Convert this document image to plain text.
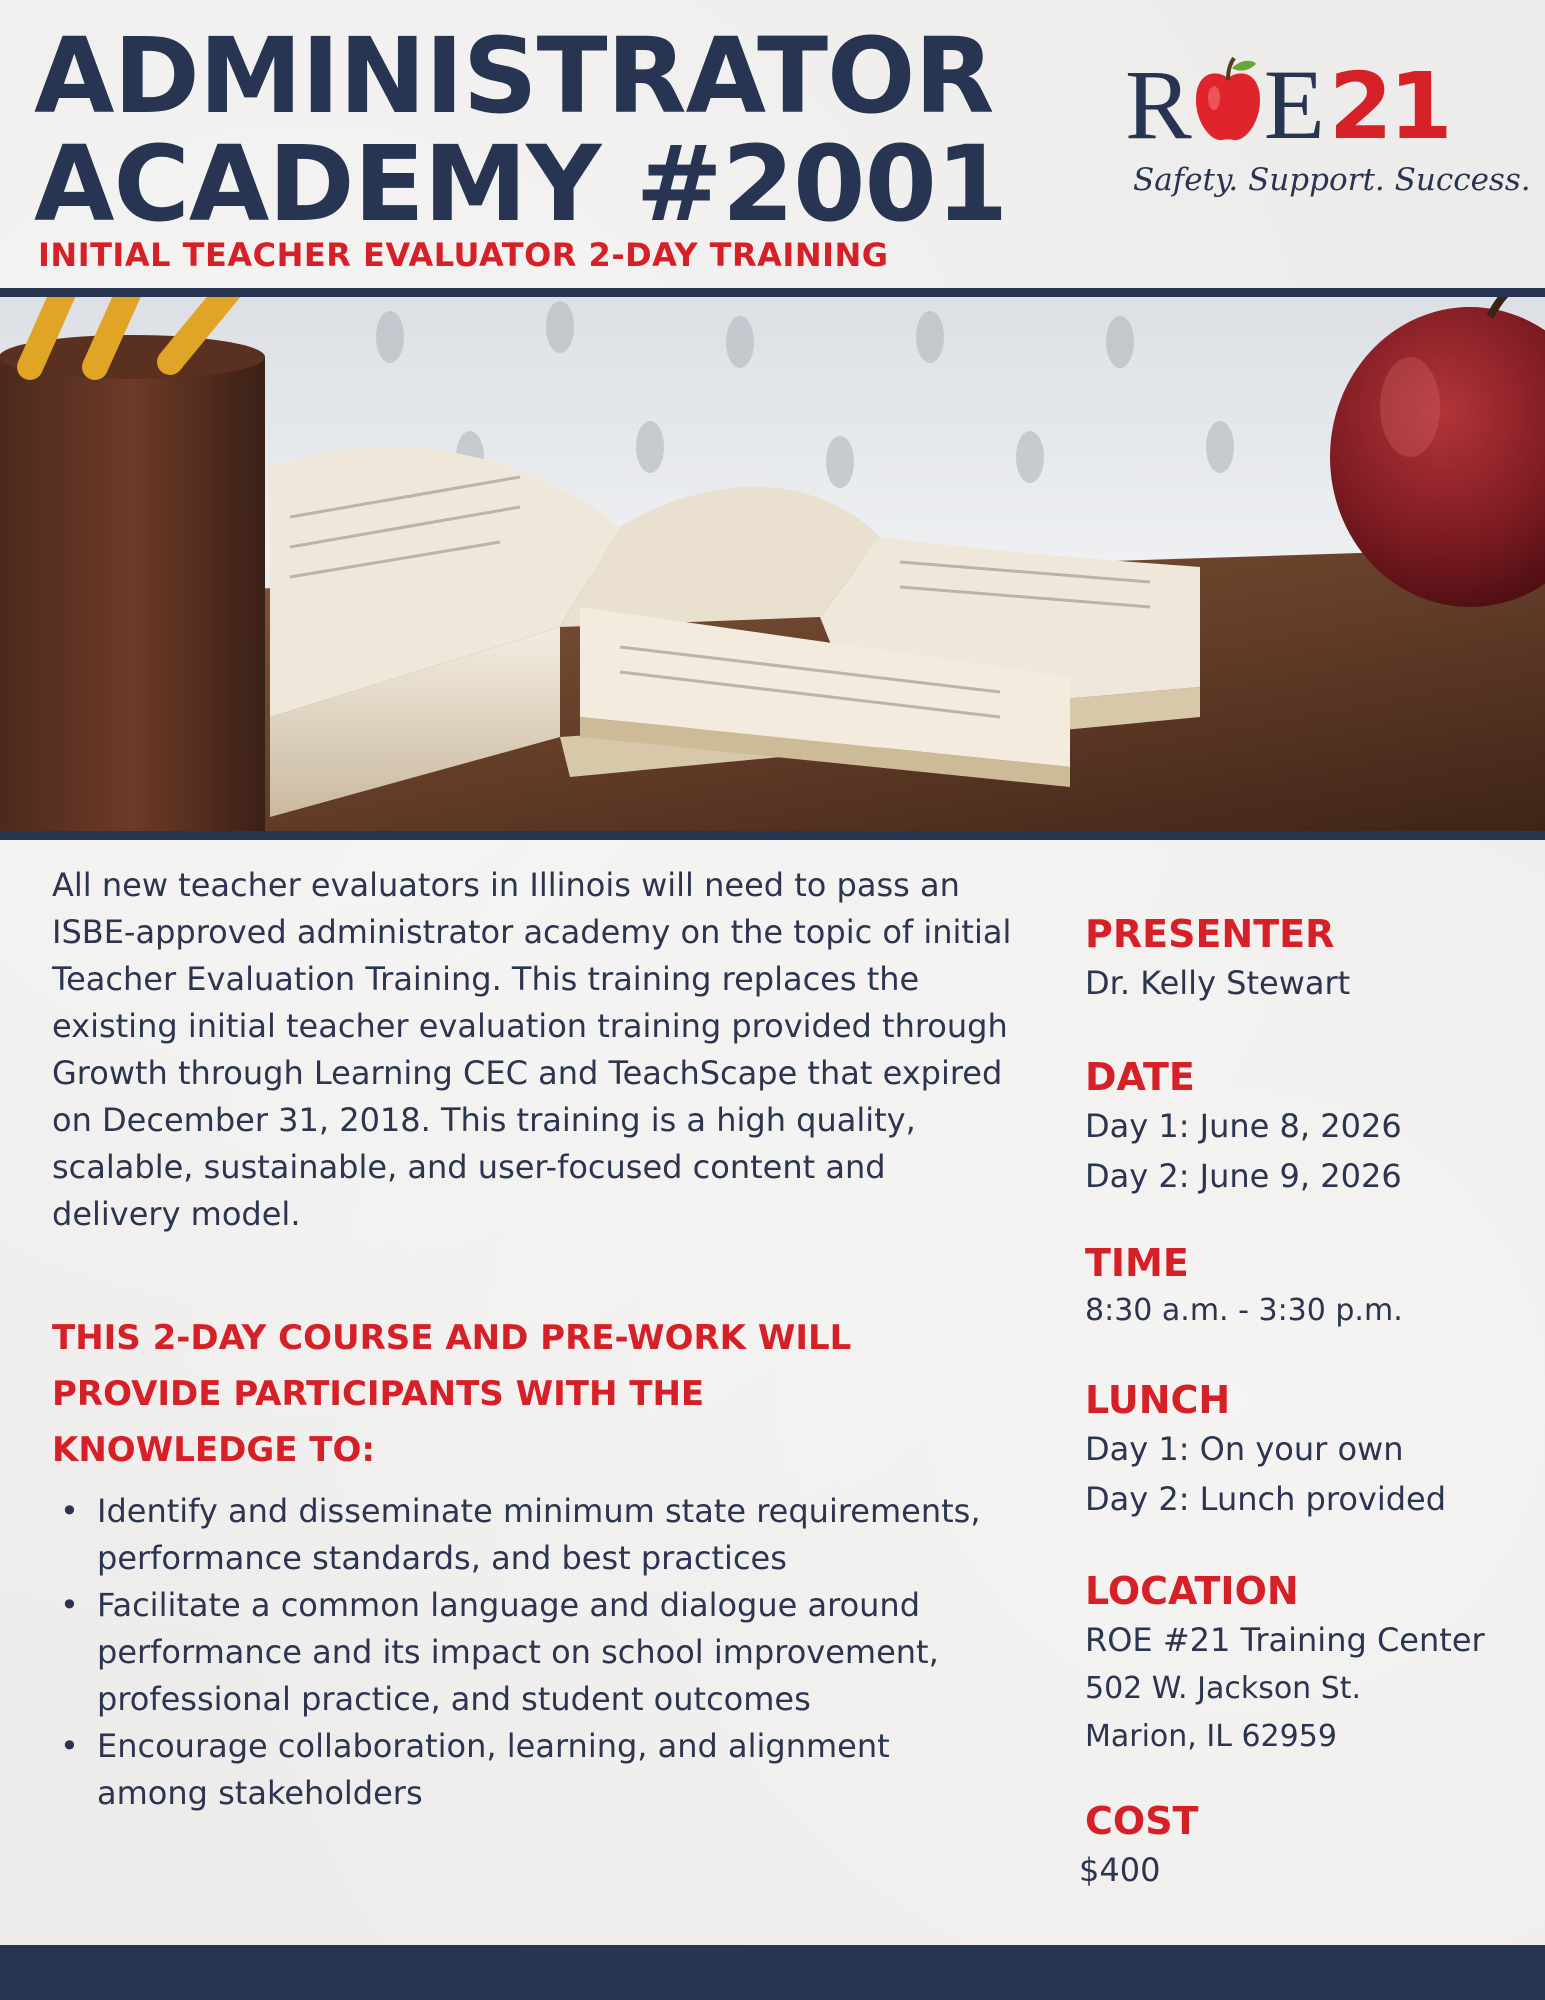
ADMINISTRATOR
ACADEMY #2001
INITIAL TEACHER EVALUATOR 2-DAY TRAINING
R E21
Safety. Support. Success.

All new teacher evaluators in Illinois will need to pass an ISBE-approved administrator academy on the topic of initial Teacher Evaluation Training. This training replaces the existing initial teacher evaluation training provided through Growth through Learning CEC and TeachScape that expired on December 31, 2018. This training is a high quality, scalable, sustainable, and user-focused content and delivery model.

THIS 2-DAY COURSE AND PRE-WORK WILL PROVIDE PARTICIPANTS WITH THE KNOWLEDGE TO:
• Identify and disseminate minimum state requirements, performance standards, and best practices
• Facilitate a common language and dialogue around performance and its impact on school improvement, professional practice, and student outcomes
• Encourage collaboration, learning, and alignment among stakeholders
PRESENTER
Dr. Kelly Stewart
DATE
Day 1: June 8, 2026
Day 2: June 9, 2026
TIME
8:30 a.m. - 3:30 p.m.
LUNCH
Day 1: On your own
Day 2: Lunch provided
LOCATION
ROE #21 Training Center
502 W. Jackson St.
Marion, IL 62959
COST
$400
